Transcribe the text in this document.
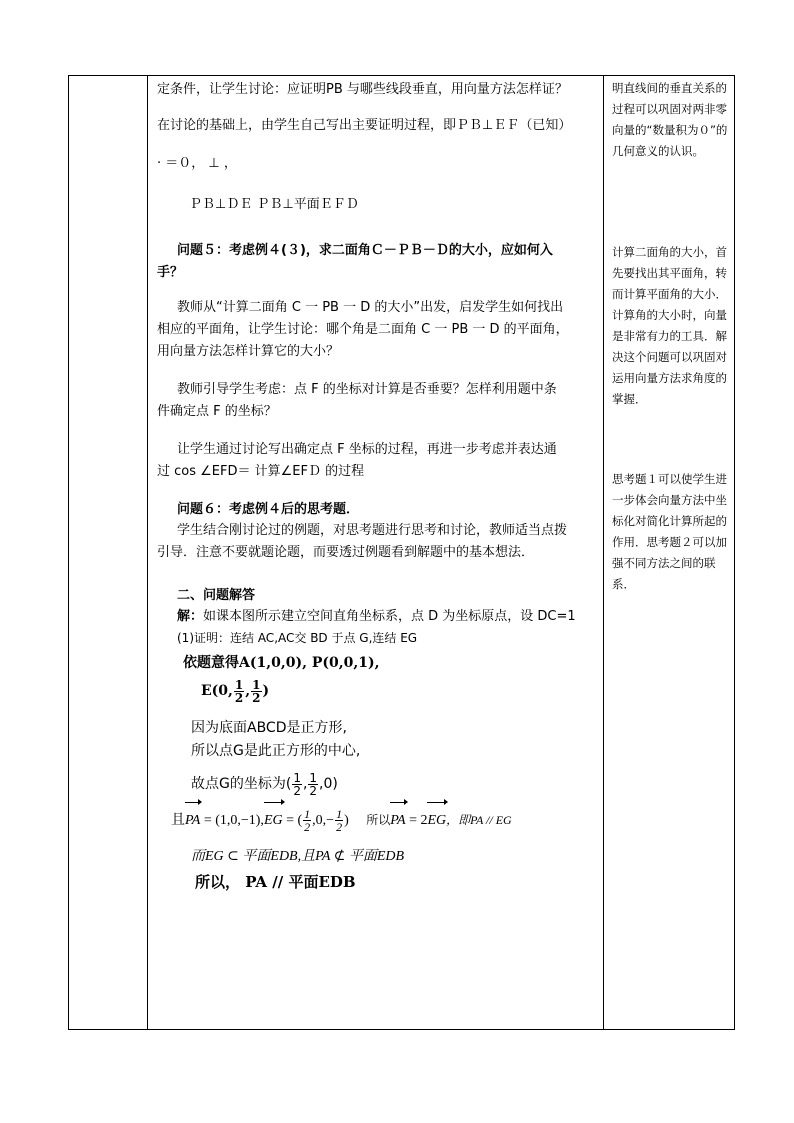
定条件，让学生讨论：应证明PB 与哪些线段垂直，用向量方法怎样证？
在讨论的基础上，由学生自己写出主要证明过程，即ＰＢ⊥ＥＦ（已知）
· ＝０， ⊥ ，
ＰＢ⊥ＤＥ ＰＢ⊥平面ＥＦＤ
问题５：考虑例４(３)，求二面角Ｃ－ＰＢ－Ｄ的大小，应如何入
手？
教师从“计算二面角 C 一 PB 一 D 的大小”出发，启发学生如何找出
相应的平面角，让学生讨论：哪个角是二面角 C 一 PB 一 D 的平面角，
用向量方法怎样计算它的大小？
教师引导学生考虑：点 F 的坐标对计算是否垂要？怎样利用题中条
件确定点 F 的坐标？
让学生通过讨论写出确定点 F 坐标的过程，再进一步考虑并表达通
过 cos ∠EFD＝ 计算∠EFＤ 的过程
问题６：考虑例４后的思考题．
学生结合刚讨论过的例题，对思考题进行思考和讨论，教师适当点拨
引导．注意不要就题论题，而要透过例题看到解题中的基本想法．
二、问题解答
解：如课本图所示建立空间直角坐标系，点 D 为坐标原点，设 DC=1
(1)证明：连结 AC,AC交 BD 于点 G,连结 EG
依题意得A(1,0,0), P(0,0,1),
E(0, $\frac{1}{2}$ , $\frac{1}{2}$ )
因为底面ABCD是正方形,
所以点G是此正方形的中心,
故点G的坐标为( $\frac{1}{2}$ , $\frac{1}{2} ,0$)
且PA = (1,0,−1),EG = ( $\frac{1}{2} ,0,- \frac{1}{2}$ ) 所以PA = 2EG，即PA // EG
而EG ⊂ 平面EDB,且PA ⊄ 平面EDB
所以， PA // 平面EDB
明直线间的垂直关系的过程可以巩固对两非零向量的“数量积为０”的几何意义的认识。
计算二面角的大小，首先要找出其平面角，转而计算平面角的大小．计算角的大小时，向量是非常有力的工具．解决这个问题可以巩固对运用向量方法求角度的掌握．
思考题１可以使学生进一步体会向量方法中坐标化对简化计算所起的作用．思考题２可以加强不同方法之间的联系．
